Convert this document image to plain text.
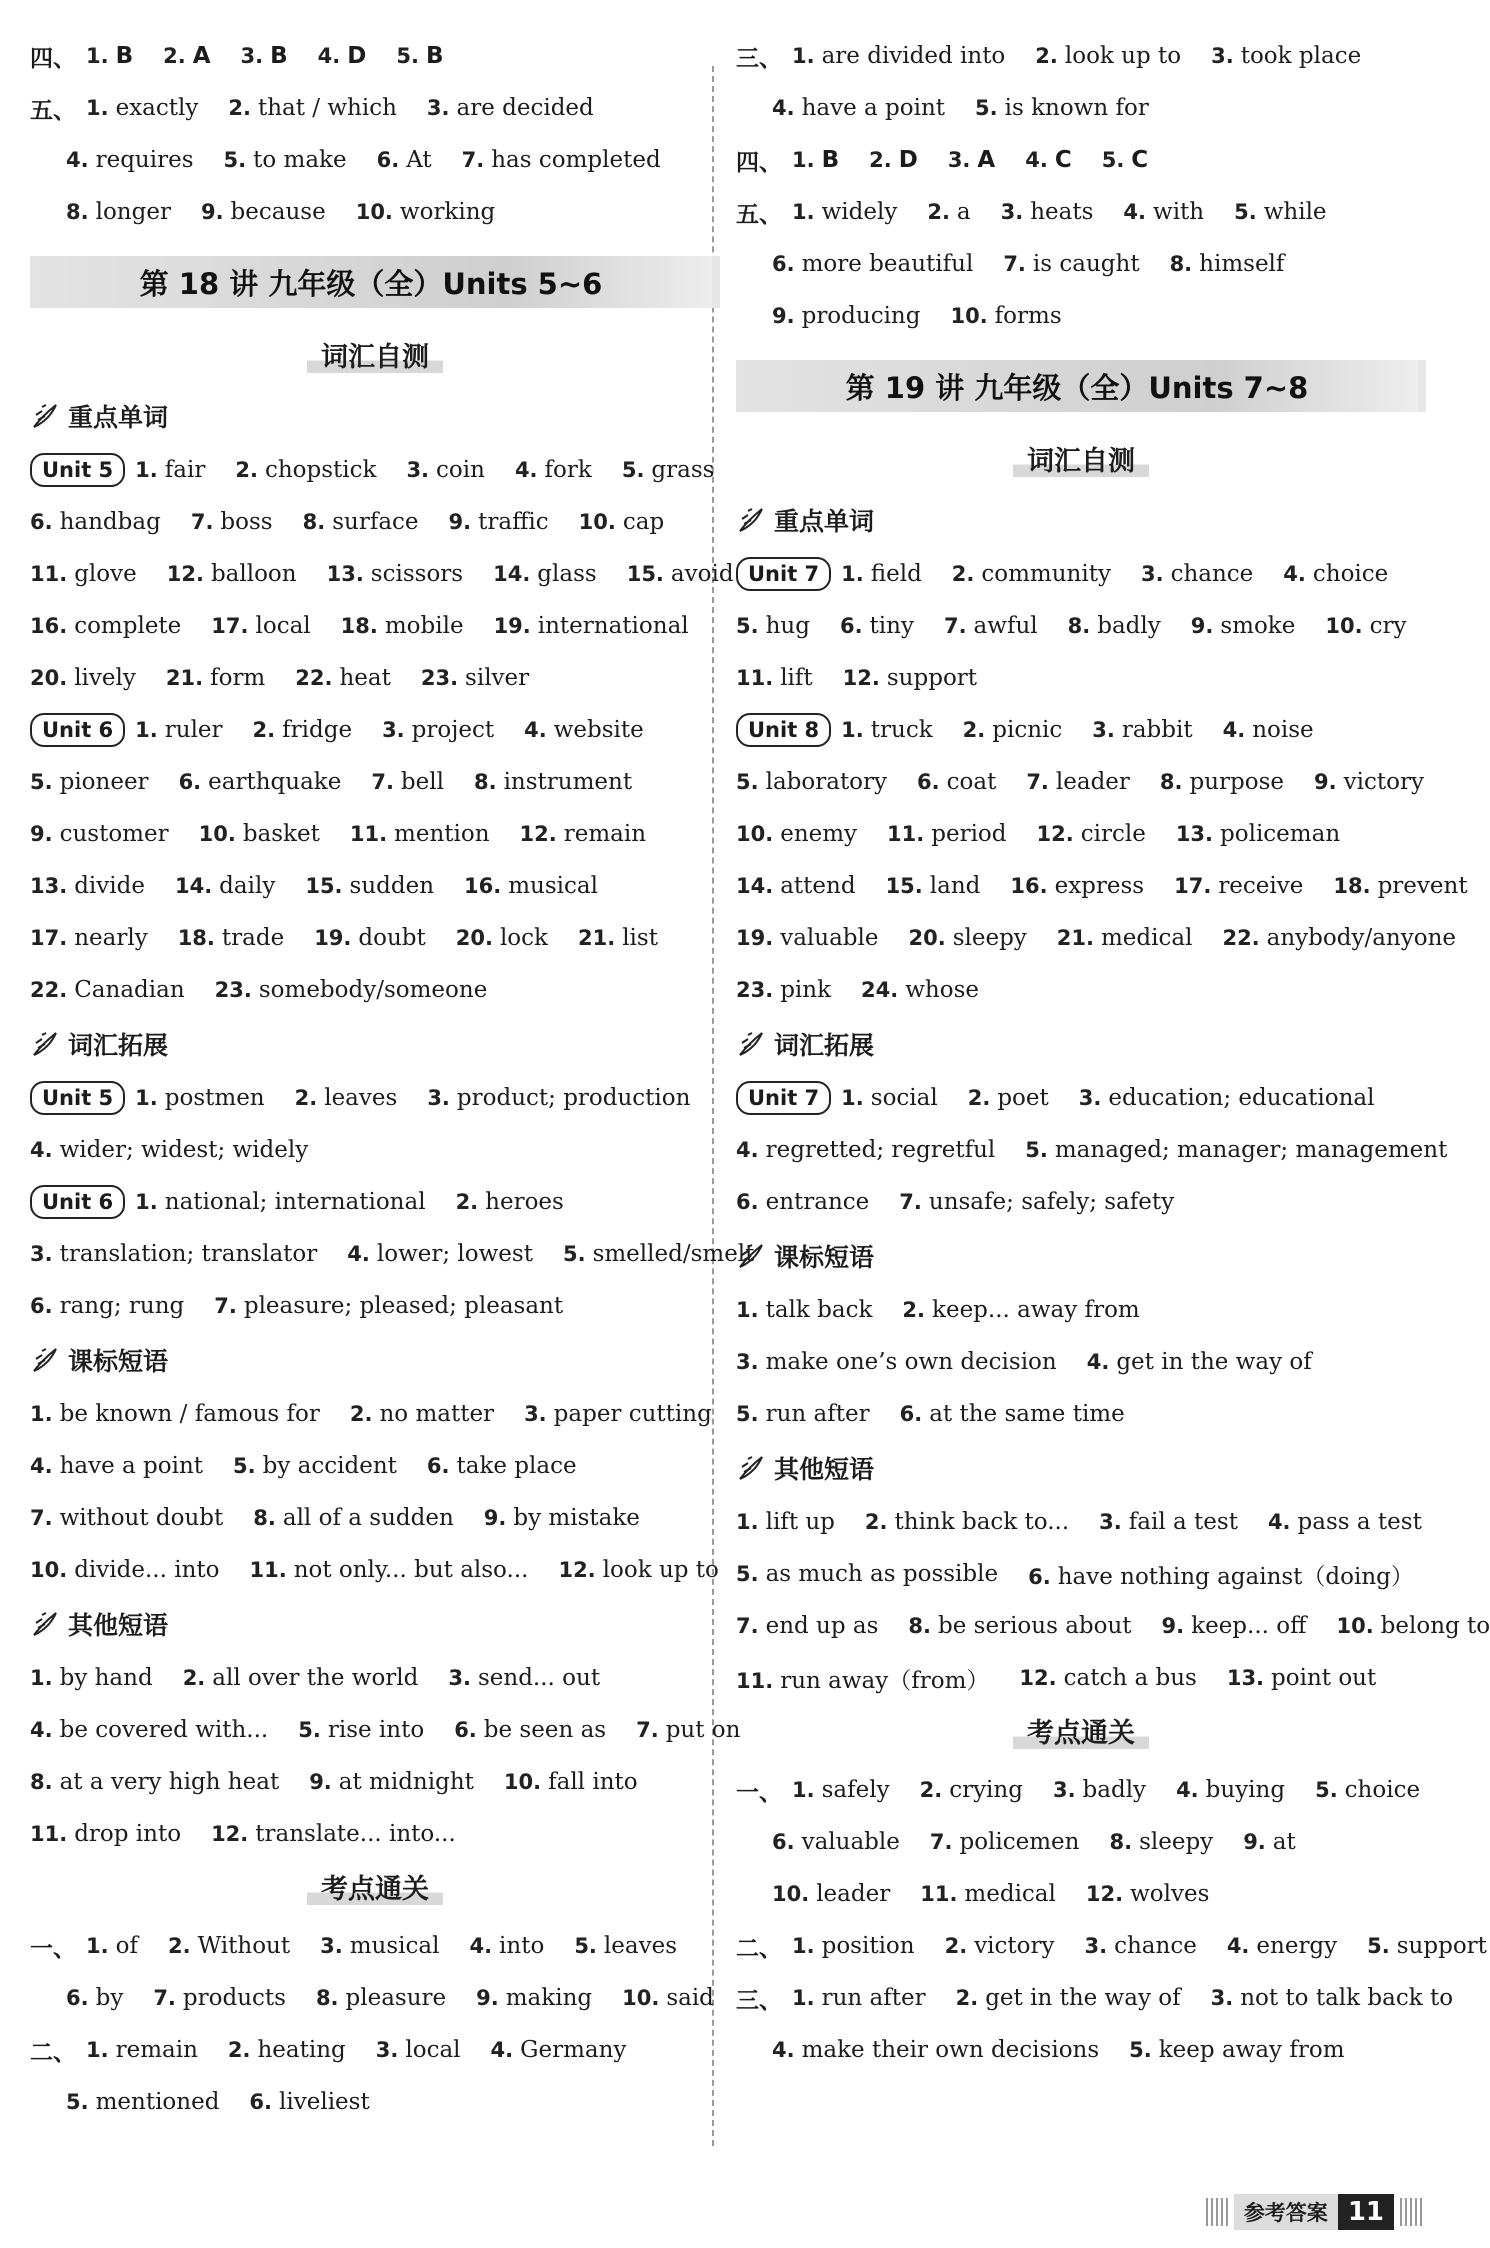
四、 1. B 2. A 3. B 4. D 5. B
五、 1. exactly 2. that / which 3. are decided
4. requires 5. to make 6. At 7. has completed
8. longer 9. because 10. working
第 18 讲 九年级（全）Units 5~6
词汇自测
重点单词
Unit 5	1. fair 2. chopstick 3. coin 4. fork 5. grass
6. handbag 7. boss 8. surface 9. traffic 10. cap
11. glove 12. balloon 13. scissors 14. glass 15. avoid
16. complete 17. local 18. mobile 19. international
20. lively 21. form 22. heat 23. silver
Unit 6	1. ruler 2. fridge 3. project 4. website
5. pioneer 6. earthquake 7. bell 8. instrument
9. customer 10. basket 11. mention 12. remain
13. divide 14. daily 15. sudden 16. musical
17. nearly 18. trade 19. doubt 20. lock 21. list
22. Canadian 23. somebody/someone
词汇拓展
Unit 5	1. postmen 2. leaves 3. product; production
4. wider; widest; widely
Unit 6	1. national; international 2. heroes
3. translation; translator 4. lower; lowest 5. smelled/smelt
6. rang; rung 7. pleasure; pleased; pleasant
课标短语
1. be known / famous for 2. no matter 3. paper cutting
4. have a point 5. by accident 6. take place
7. without doubt 8. all of a sudden 9. by mistake
10. divide... into 11. not only... but also... 12. look up to
其他短语
1. by hand 2. all over the world 3. send... out
4. be covered with... 5. rise into 6. be seen as 7. put on
8. at a very high heat 9. at midnight 10. fall into
11. drop into 12. translate... into...
考点通关
一、 1. of 2. Without 3. musical 4. into 5. leaves
6. by 7. products 8. pleasure 9. making 10. said
二、 1. remain 2. heating 3. local 4. Germany
5. mentioned 6. liveliest
三、 1. are divided into 2. look up to 3. took place
4. have a point 5. is known for
四、 1. B 2. D 3. A 4. C 5. C
五、 1. widely 2. a 3. heats 4. with 5. while
6. more beautiful 7. is caught 8. himself
9. producing 10. forms
第 19 讲 九年级（全）Units 7~8
词汇自测
重点单词
Unit 7	1. field 2. community 3. chance 4. choice
5. hug 6. tiny 7. awful 8. badly 9. smoke 10. cry
11. lift 12. support
Unit 8	1. truck 2. picnic 3. rabbit 4. noise
5. laboratory 6. coat 7. leader 8. purpose 9. victory
10. enemy 11. period 12. circle 13. policeman
14. attend 15. land 16. express 17. receive 18. prevent
19. valuable 20. sleepy 21. medical 22. anybody/anyone
23. pink 24. whose
词汇拓展
Unit 7	1. social 2. poet 3. education; educational
4. regretted; regretful 5. managed; manager; management
6. entrance 7. unsafe; safely; safety
课标短语
1. talk back 2. keep... away from
3. make one’s own decision 4. get in the way of
5. run after 6. at the same time
其他短语
1. lift up 2. think back to... 3. fail a test 4. pass a test
5. as much as possible 6. have nothing against（doing）
7. end up as 8. be serious about 9. keep... off 10. belong to
11. run away（from） 12. catch a bus 13. point out
考点通关
一、 1. safely 2. crying 3. badly 4. buying 5. choice
6. valuable 7. policemen 8. sleepy 9. at
10. leader 11. medical 12. wolves
二、 1. position 2. victory 3. chance 4. energy 5. support
三、 1. run after 2. get in the way of 3. not to talk back to
4. make their own decisions 5. keep away from
参考答案 11
